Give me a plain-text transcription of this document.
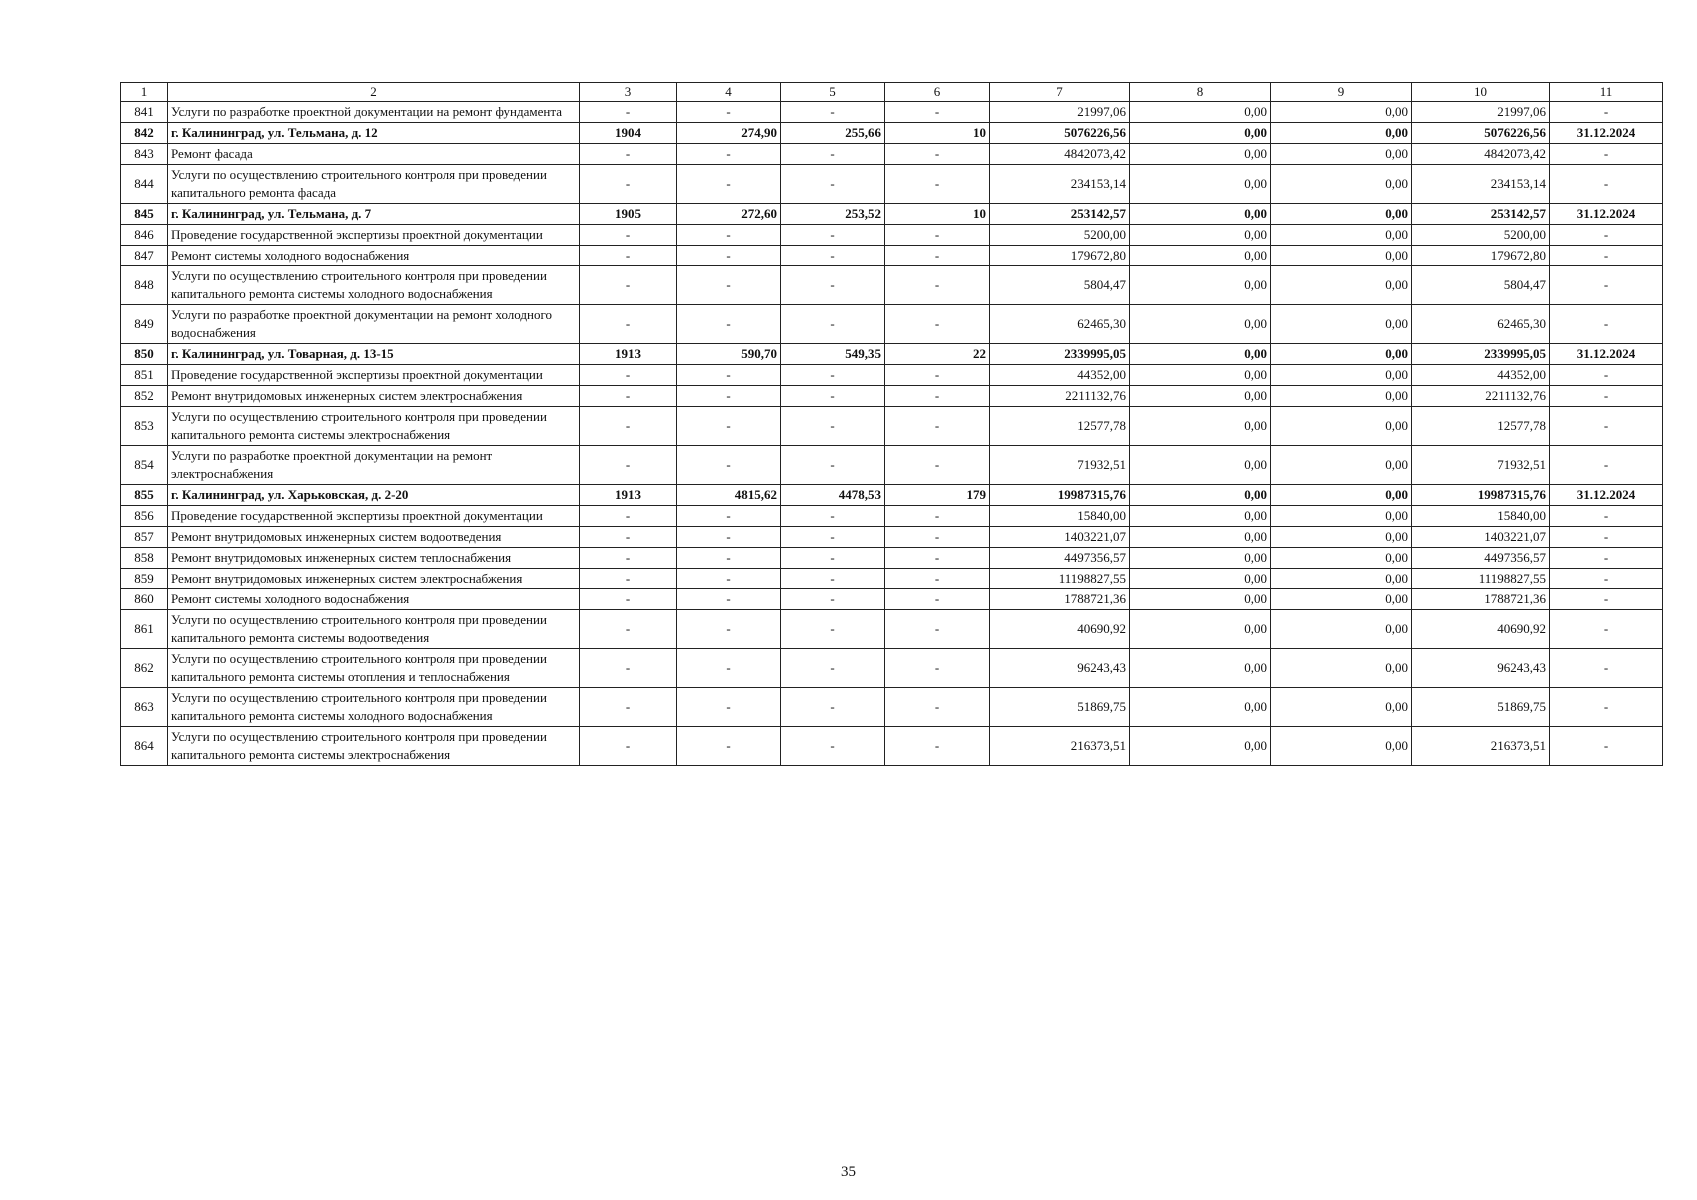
1	2	3	4	5	6	7	8	9	10	11
841	Услуги по разработке проектной документации на ремонт фундамента	-	-	-	-	21997,06	0,00	0,00	21997,06	-
842	г. Калининград, ул. Тельмана, д. 12	1904	274,90	255,66	10	5076226,56	0,00	0,00	5076226,56	31.12.2024
843	Ремонт фасада	-	-	-	-	4842073,42	0,00	0,00	4842073,42	-
844	Услуги по осуществлению строительного контроля при проведении капитального ремонта фасада	-	-	-	-	234153,14	0,00	0,00	234153,14	-
845	г. Калининград, ул. Тельмана, д. 7	1905	272,60	253,52	10	253142,57	0,00	0,00	253142,57	31.12.2024
846	Проведение государственной экспертизы проектной документации	-	-	-	-	5200,00	0,00	0,00	5200,00	-
847	Ремонт системы холодного водоснабжения	-	-	-	-	179672,80	0,00	0,00	179672,80	-
848	Услуги по осуществлению строительного контроля при проведении капитального ремонта системы холодного водоснабжения	-	-	-	-	5804,47	0,00	0,00	5804,47	-
849	Услуги по разработке проектной документации на ремонт холодного водоснабжения	-	-	-	-	62465,30	0,00	0,00	62465,30	-
850	г. Калининград, ул. Товарная, д. 13-15	1913	590,70	549,35	22	2339995,05	0,00	0,00	2339995,05	31.12.2024
851	Проведение государственной экспертизы проектной документации	-	-	-	-	44352,00	0,00	0,00	44352,00	-
852	Ремонт внутридомовых инженерных систем электроснабжения	-	-	-	-	2211132,76	0,00	0,00	2211132,76	-
853	Услуги по осуществлению строительного контроля при проведении капитального ремонта системы электроснабжения	-	-	-	-	12577,78	0,00	0,00	12577,78	-
854	Услуги по разработке проектной документации на ремонт электроснабжения	-	-	-	-	71932,51	0,00	0,00	71932,51	-
855	г. Калининград, ул. Харьковская, д. 2-20	1913	4815,62	4478,53	179	19987315,76	0,00	0,00	19987315,76	31.12.2024
856	Проведение государственной экспертизы проектной документации	-	-	-	-	15840,00	0,00	0,00	15840,00	-
857	Ремонт внутридомовых инженерных систем водоотведения	-	-	-	-	1403221,07	0,00	0,00	1403221,07	-
858	Ремонт внутридомовых инженерных систем теплоснабжения	-	-	-	-	4497356,57	0,00	0,00	4497356,57	-
859	Ремонт внутридомовых инженерных систем электроснабжения	-	-	-	-	11198827,55	0,00	0,00	11198827,55	-
860	Ремонт системы холодного водоснабжения	-	-	-	-	1788721,36	0,00	0,00	1788721,36	-
861	Услуги по осуществлению строительного контроля при проведении капитального ремонта системы водоотведения	-	-	-	-	40690,92	0,00	0,00	40690,92	-
862	Услуги по осуществлению строительного контроля при проведении капитального ремонта системы отопления и теплоснабжения	-	-	-	-	96243,43	0,00	0,00	96243,43	-
863	Услуги по осуществлению строительного контроля при проведении капитального ремонта системы холодного водоснабжения	-	-	-	-	51869,75	0,00	0,00	51869,75	-
864	Услуги по осуществлению строительного контроля при проведении капитального ремонта системы электроснабжения	-	-	-	-	216373,51	0,00	0,00	216373,51	-
35
